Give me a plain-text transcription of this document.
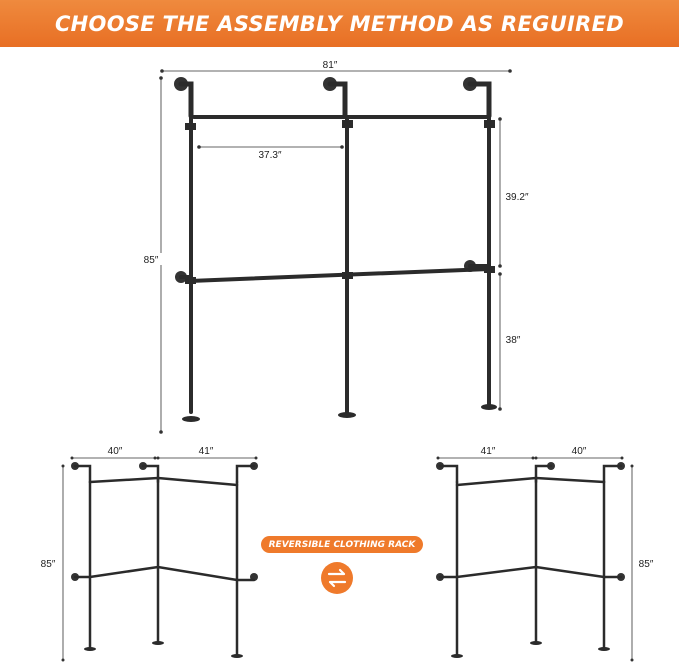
CHOOSE THE ASSEMBLY METHOD AS REGUIRED
81″
85″
37.3″
39.2″
38″
40″	41″
85″
41″	40″
85″
REVERSIBLE CLOTHING RACK
